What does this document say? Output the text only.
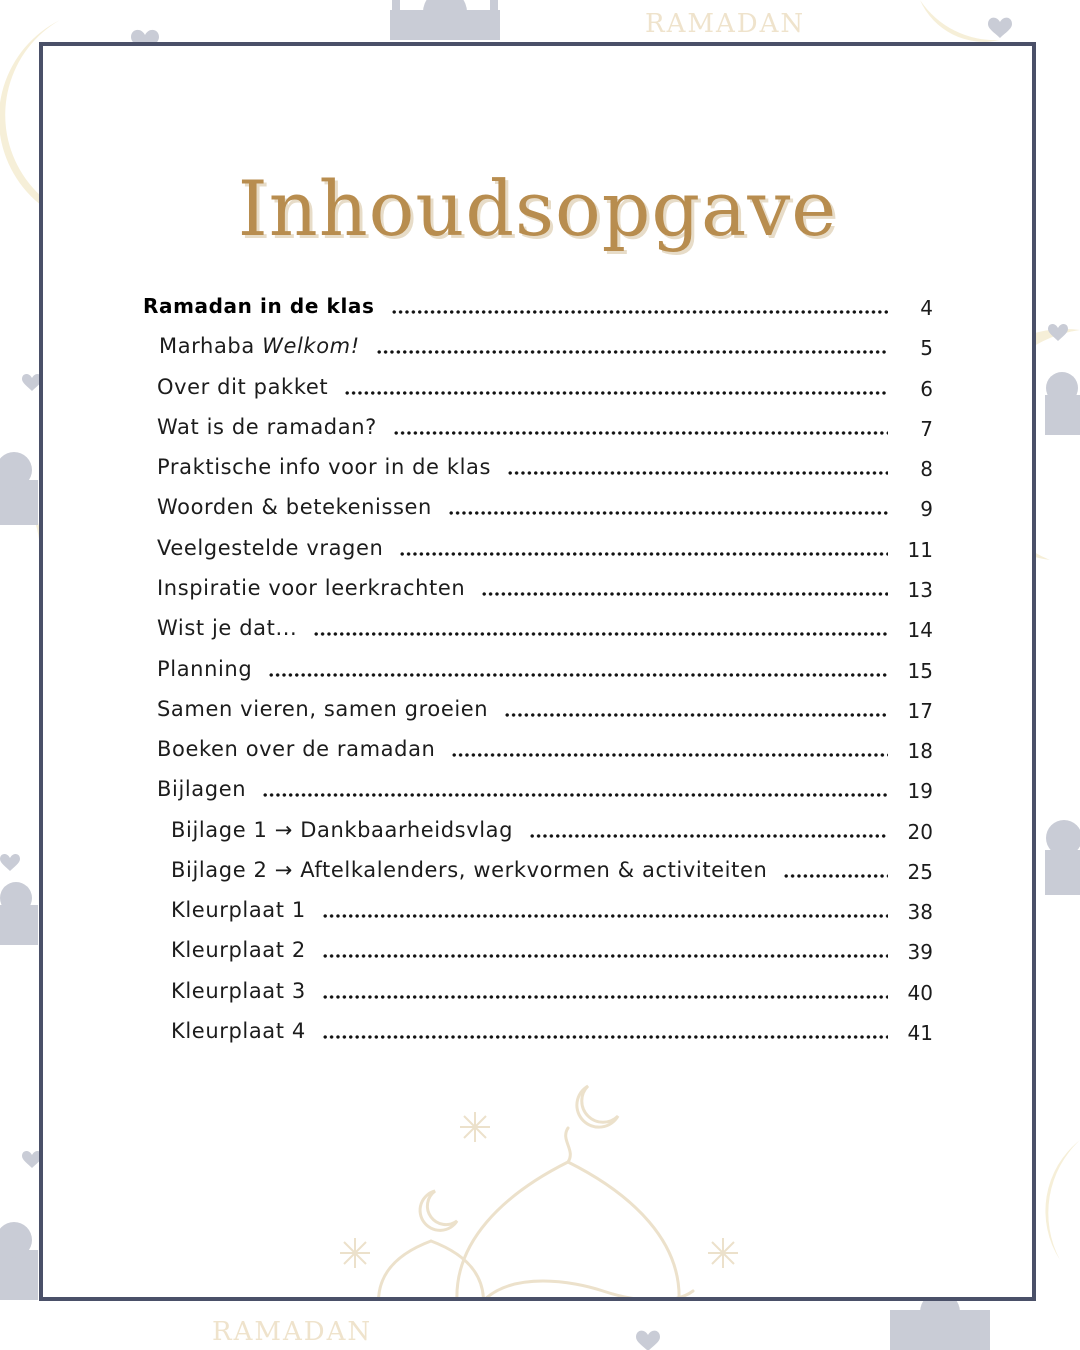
RAMADAN
RAMADAN
Inhoudsopgave
Ramadan in de klas	4
Marhaba Welkom!	5
Over dit pakket	6
Wat is de ramadan?	7
Praktische info voor in de klas	8
Woorden & betekenissen	9
Veelgestelde vragen	11
Inspiratie voor leerkrachten	13
Wist je dat...	14
Planning	15
Samen vieren, samen groeien	17
Boeken over de ramadan	18
Bijlagen	19
Bijlage 1 → Dankbaarheidsvlag	20
Bijlage 2 → Aftelkalenders, werkvormen & activiteiten	25
Kleurplaat 1	38
Kleurplaat 2	39
Kleurplaat 3	40
Kleurplaat 4	41
